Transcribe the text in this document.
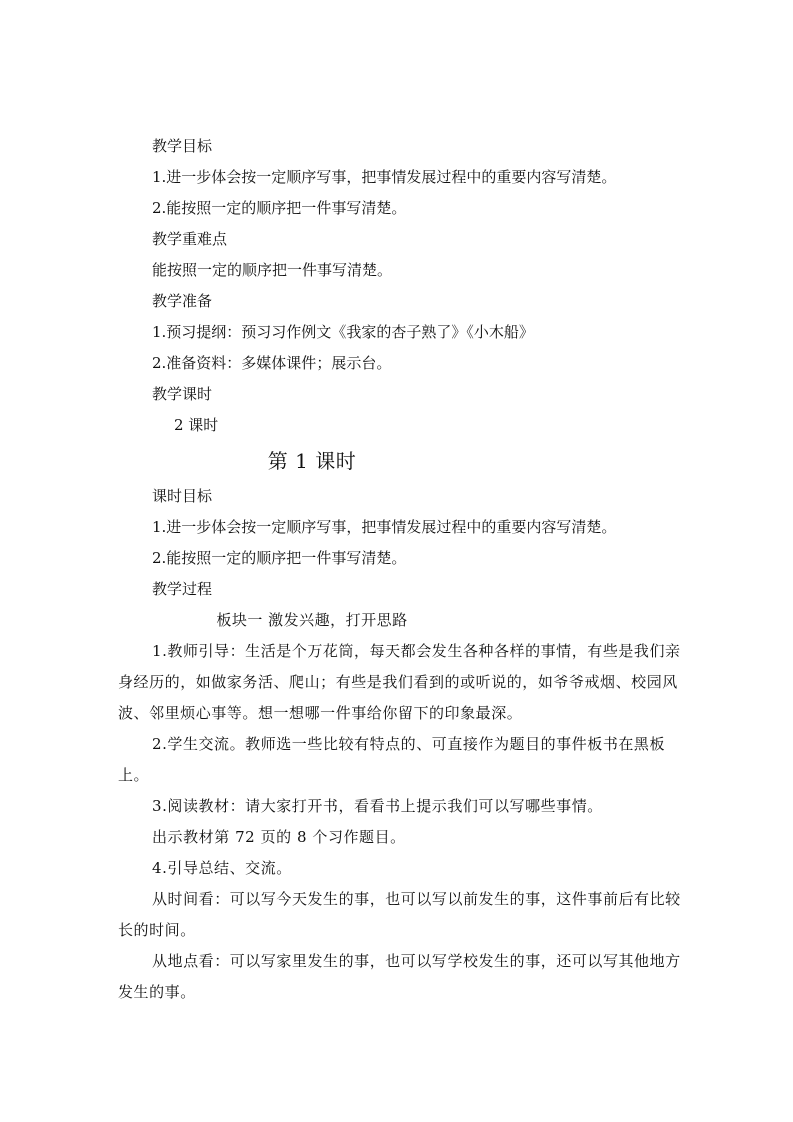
教学目标
1.进一步体会按一定顺序写事，把事情发展过程中的重要内容写清楚。
2.能按照一定的顺序把一件事写清楚。
教学重难点
能按照一定的顺序把一件事写清楚。
教学准备
1.预习提纲：预习习作例文《我家的杏子熟了》《小木船》
2.准备资料：多媒体课件；展示台。
教学课时
2 课时
第 1 课时
课时目标
1.进一步体会按一定顺序写事，把事情发展过程中的重要内容写清楚。
2.能按照一定的顺序把一件事写清楚。
教学过程
板块一 激发兴趣，打开思路
1.教师引导：生活是个万花筒，每天都会发生各种各样的事情，有些是我们亲身经历的，如做家务活、爬山；有些是我们看到的或听说的，如爷爷戒烟、校园风波、邻里烦心事等。想一想哪一件事给你留下的印象最深。
2.学生交流。教师选一些比较有特点的、可直接作为题目的事件板书在黑板上。
3.阅读教材：请大家打开书，看看书上提示我们可以写哪些事情。
出示教材第 72 页的 8 个习作题目。
4.引导总结、交流。
从时间看：可以写今天发生的事，也可以写以前发生的事，这件事前后有比较长的时间。
从地点看：可以写家里发生的事，也可以写学校发生的事，还可以写其他地方发生的事。
